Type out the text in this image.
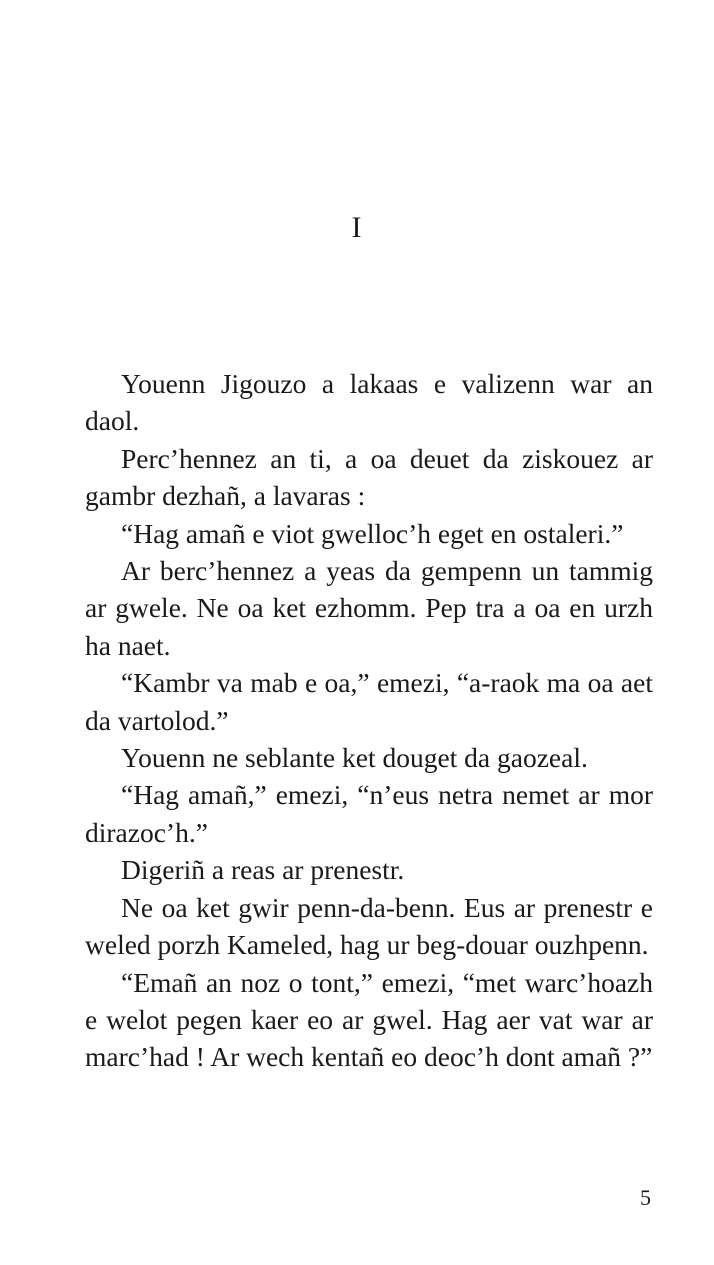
I

Youenn Jigouzo a lakaas e valizenn war an daol.

Perc’hennez an ti, a oa deuet da ziskouez ar gambr dezhañ, a lavaras :

“Hag amañ e viot gwelloc’h eget en ostaleri.”

Ar berc’hennez a yeas da gempenn un tammig ar gwele. Ne oa ket ezhomm. Pep tra a oa en urzh ha naet.

“Kambr va mab e oa,” emezi, “a-raok ma oa aet da vartolod.”

Youenn ne seblante ket douget da gaozeal.

“Hag amañ,” emezi, “n’eus netra nemet ar mor dirazoc’h.”

Digeriñ a reas ar prenestr.

Ne oa ket gwir penn-da-benn. Eus ar prenestr e weled porzh Kameled, hag ur beg-douar ouzhpenn.

“Emañ an noz o tont,” emezi, “met warc’hoazh e welot pegen kaer eo ar gwel. Hag aer vat war ar marc’had ! Ar wech kentañ eo deoc’h dont amañ ?”

5
